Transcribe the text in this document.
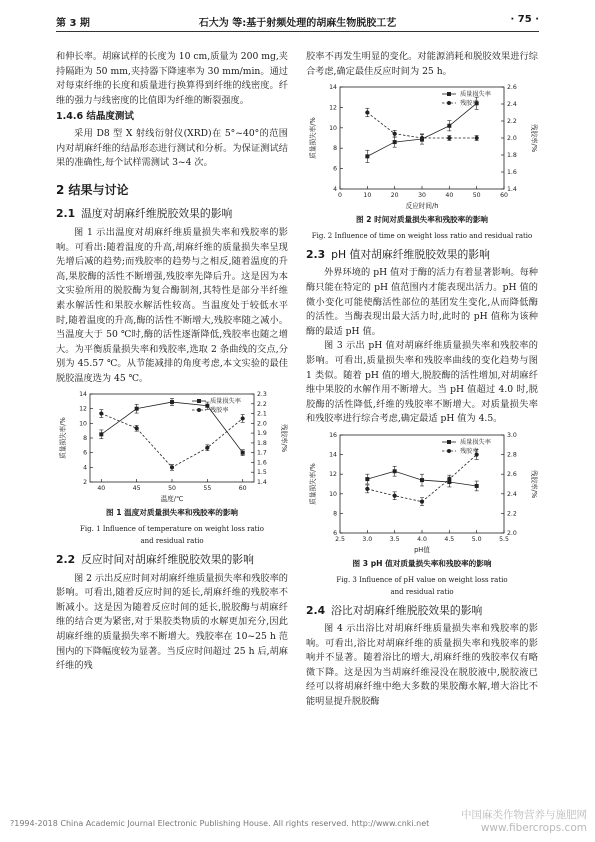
第 3 期	石大为 等:基于射频处理的胡麻生物脱胶工艺	· 75 ·

和伸长率。胡麻试样的长度为 10 cm,质量为 200 mg,夹持隔距为 50 mm,夹持器下降速率为 30 mm/min。通过对每束纤维的长度和质量进行换算得到纤维的线密度。纤维的强力与线密度的比值即为纤维的断裂强度。

1.4.6 结晶度测试

采用 D8 型 X 射线衍射仪(XRD)在 5°~40°的范围内对胡麻纤维的结晶形态进行测试和分析。为保证测试结果的准确性,每个试样需测试 3~4 次。

2 结果与讨论
2.1 温度对胡麻纤维脱胶效果的影响

图 1 示出温度对胡麻纤维质量损失率和残胶率的影响。可看出:随着温度的升高,胡麻纤维的质量损失率呈现先增后减的趋势;而残胶率的趋势与之相反,随着温度的升高,果胶酶的活性不断增强,残胶率先降后升。这是因为本文实验所用的脱胶酶为复合酶制剂,其特性是部分半纤维素水解活性和果胶水解活性较高。当温度处于较低水平时,随着温度的升高,酶的活性不断增大,残胶率随之减小。当温度大于 50 ℃时,酶的活性逐渐降低,残胶率也随之增大。为平衡质量损失率和残胶率,选取 2 条曲线的交点,分别为 45.57 ℃。从节能减排的角度考虑,本文实验的最佳脱胶温度选为 45 ℃。

40	45	50	55	60
2
4
6
8
10
12
14
1.4
1.5
1.6
1.7
1.8
1.9
2.0
2.1
2.2
2.3
温度/℃
质量损失率/%	残胶率/%
质量损失率
残胶率
图 1 温度对质量损失率和残胶率的影响
Fig. 1 Influence of temperature on weight loss ratio
and residual ratio
2.2 反应时间对胡麻纤维脱胶效果的影响

图 2 示出反应时间对胡麻纤维质量损失率和残胶率的影响。可看出,随着反应时间的延长,胡麻纤维的残胶率不断减小。这是因为随着反应时间的延长,脱胶酶与胡麻纤维的结合更为紧密,对于果胶类物质的水解更加充分,因此胡麻纤维的质量损失率不断增大。残胶率在 10~25 h 范围内的下降幅度较为显著。当反应时间超过 25 h 后,胡麻纤维的残

胶率不再发生明显的变化。对能源消耗和脱胶效果进行综合考虑,确定最佳反应时间为 25 h。

0	10	20	30	40	50	60
4
6
8
10
12
14
1.4
1.6
1.8
2.0
2.2
2.4
2.6
反应时间/h
质量损失率/%	残胶率/%
质量损失率
残胶率
图 2 时间对质量损失率和残胶率的影响
Fig. 2 Influence of time on weight loss ratio and residual ratio
2.3 pH 值对胡麻纤维脱胶效果的影响

外界环境的 pH 值对于酶的活力有着显著影响。每种酶只能在特定的 pH 值范围内才能表现出活力。pH 值的微小变化可能使酶活性部位的基团发生变化,从而降低酶的活性。当酶表现出最大活力时,此时的 pH 值称为该种酶的最适 pH 值。

图 3 示出 pH 值对胡麻纤维质量损失率和残胶率的影响。可看出,质量损失率和残胶率曲线的变化趋势与图 1 类似。随着 pH 值的增大,脱胶酶的活性增加,对胡麻纤维中果胶的水解作用不断增大。当 pH 值超过 4.0 时,脱胶酶的活性降低,纤维的残胶率不断增大。对质量损失率和残胶率进行综合考虑,确定最适 pH 值为 4.5。

2.5	3.0	3.5	4.0	4.5	5.0	5.5
6
8
10
12
14
16
2.0
2.2
2.4
2.6
2.8
3.0
pH值
质量损失率/%	残胶率/%
质量损失率
残胶率
图 3 pH 值对质量损失率和残胶率的影响
Fig. 3 Influence of pH value on weight loss ratio
and residual ratio
2.4 浴比对胡麻纤维脱胶效果的影响

图 4 示出浴比对胡麻纤维质量损失率和残胶率的影响。可看出,浴比对胡麻纤维的质量损失率和残胶率的影响并不显著。随着浴比的增大,胡麻纤维的残胶率仅有略微下降。这是因为当胡麻纤维浸没在脱胶液中,脱胶液已经可以将胡麻纤维中绝大多数的果胶酶水解,增大浴比不能明显提升脱胶酶

?1994-2018 China Academic Journal Electronic Publishing House. All rights reserved. http://www.cnki.net
中国麻类作物营养与施肥网
www.fibercrops.com
